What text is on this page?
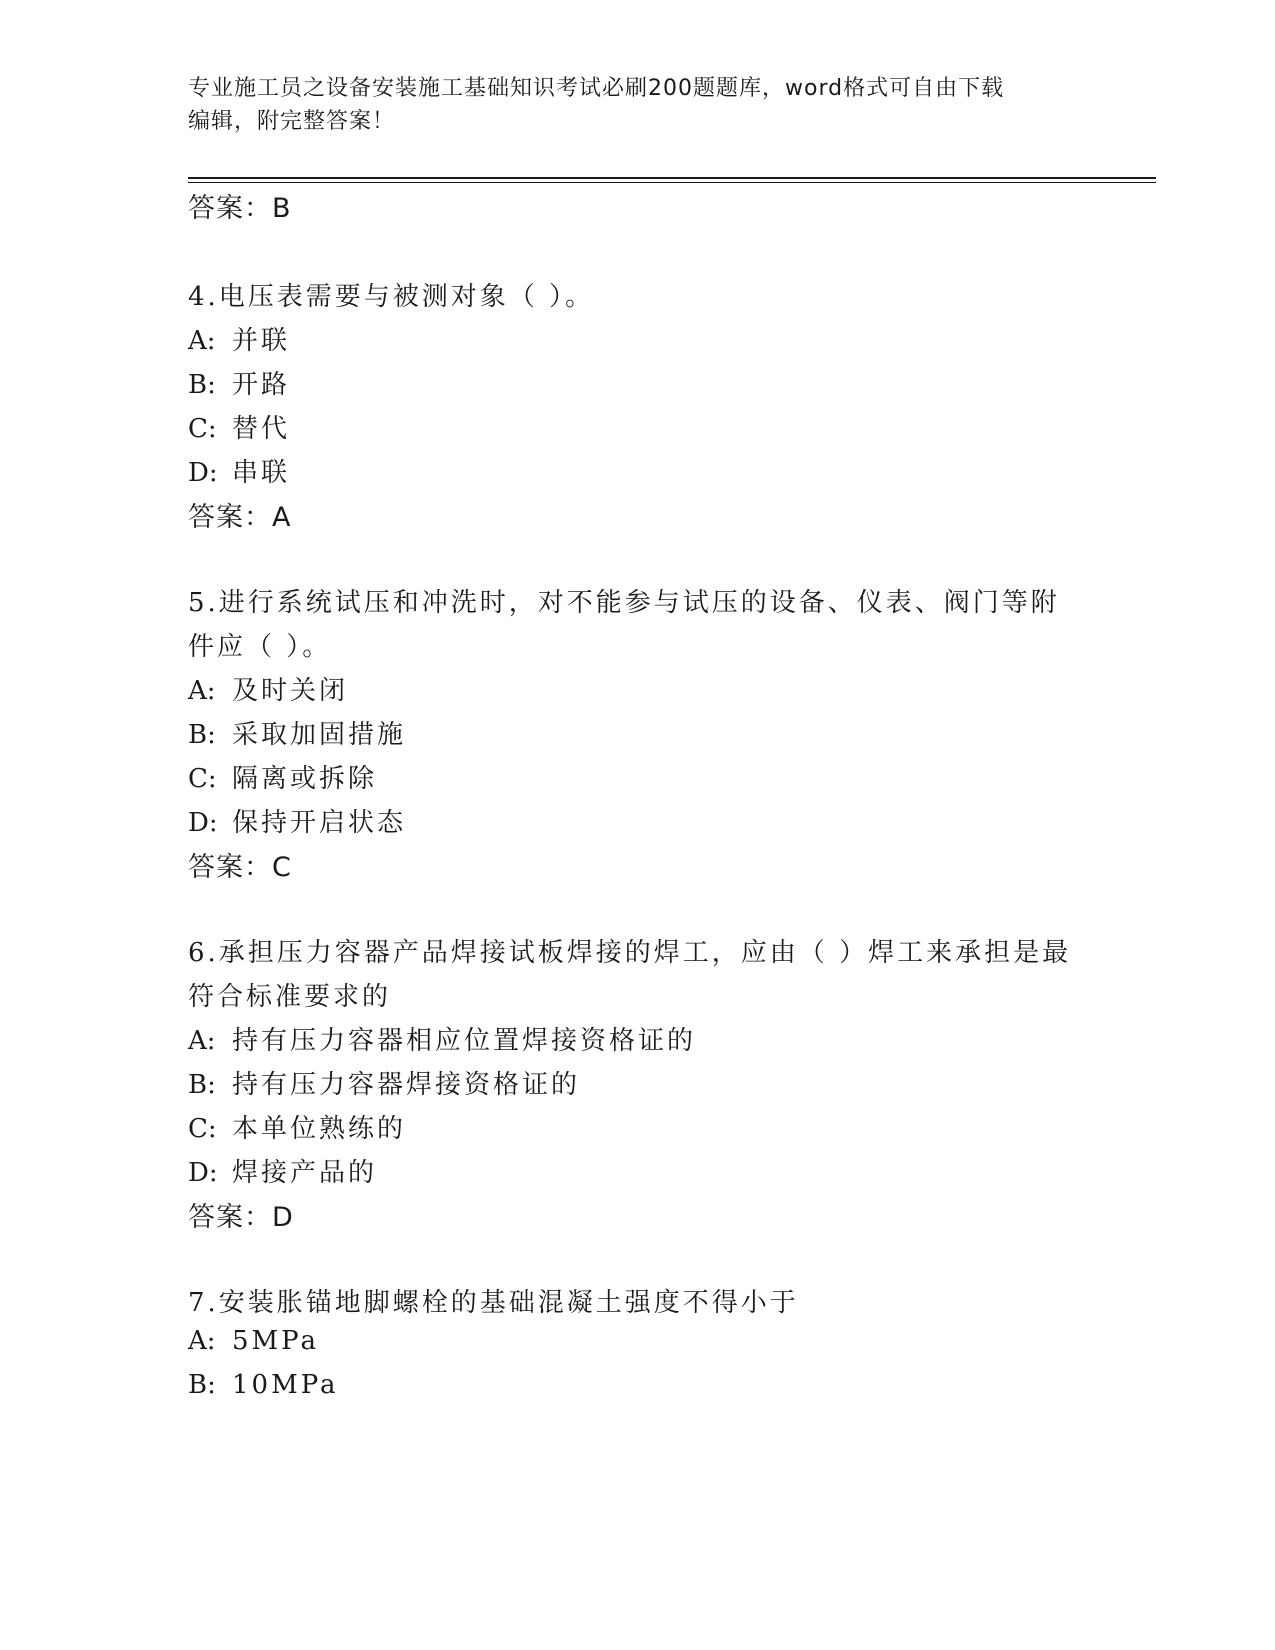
专业施工员之设备安装施工基础知识考试必刷200题题库，word格式可自由下载
编辑，附完整答案！
答案：B
4.电压表需要与被测对象（ ）。
A: 并联
B: 开路
C: 替代
D: 串联
答案：A
5.进行系统试压和冲洗时，对不能参与试压的设备、仪表、阀门等附
件应（ ）。
A: 及时关闭
B: 采取加固措施
C: 隔离或拆除
D: 保持开启状态
答案：C
6.承担压力容器产品焊接试板焊接的焊工，应由（ ）焊工来承担是最
符合标准要求的
A: 持有压力容器相应位置焊接资格证的
B: 持有压力容器焊接资格证的
C: 本单位熟练的
D: 焊接产品的
答案：D
7.安装胀锚地脚螺栓的基础混凝土强度不得小于
A: 5MPa
B: 10MPa
